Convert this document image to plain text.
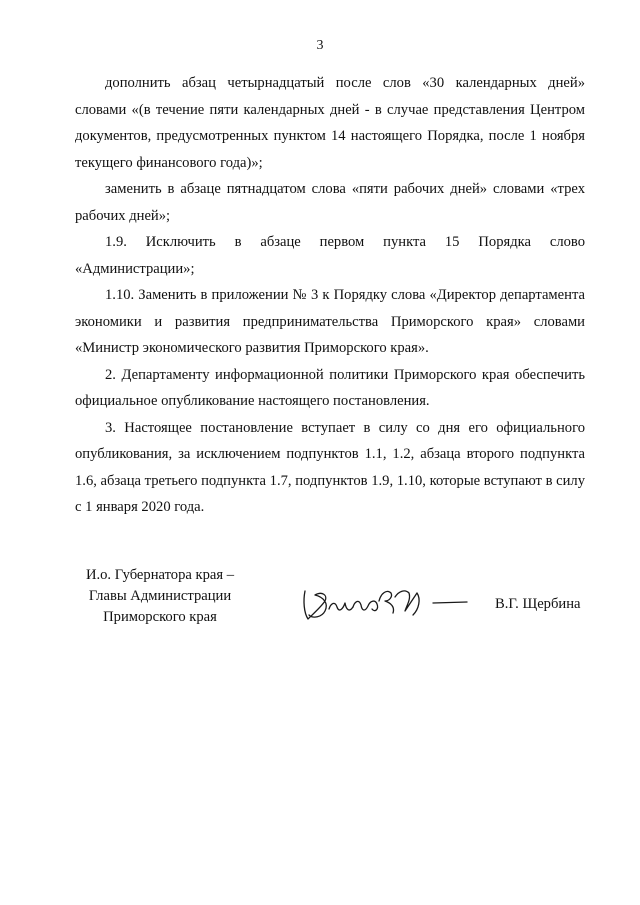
3

дополнить абзац четырнадцатый после слов «30 календарных дней» словами «(в течение пяти календарных дней - в случае представления Центром документов, предусмотренных пунктом 14 настоящего Порядка, после 1 ноября текущего финансового года)»;

заменить в абзаце пятнадцатом слова «пяти рабочих дней» словами «трех рабочих дней»;

1.9. Исключить в абзаце первом пункта 15 Порядка слово «Администрации»;

1.10. Заменить в приложении № 3 к Порядку слова «Директор департамента экономики и развития предпринимательства Приморского края» словами «Министр экономического развития Приморского края».

2. Департаменту информационной политики Приморского края обеспечить официальное опубликование настоящего постановления.

3. Настоящее постановление вступает в силу со дня его официального опубликования, за исключением подпунктов 1.1, 1.2, абзаца второго подпункта 1.6, абзаца третьего подпункта 1.7, подпунктов 1.9, 1.10, которые вступают в силу с 1 января 2020 года.

И.о. Губернатора края –
Главы Администрации
Приморского края
В.Г. Щербина
